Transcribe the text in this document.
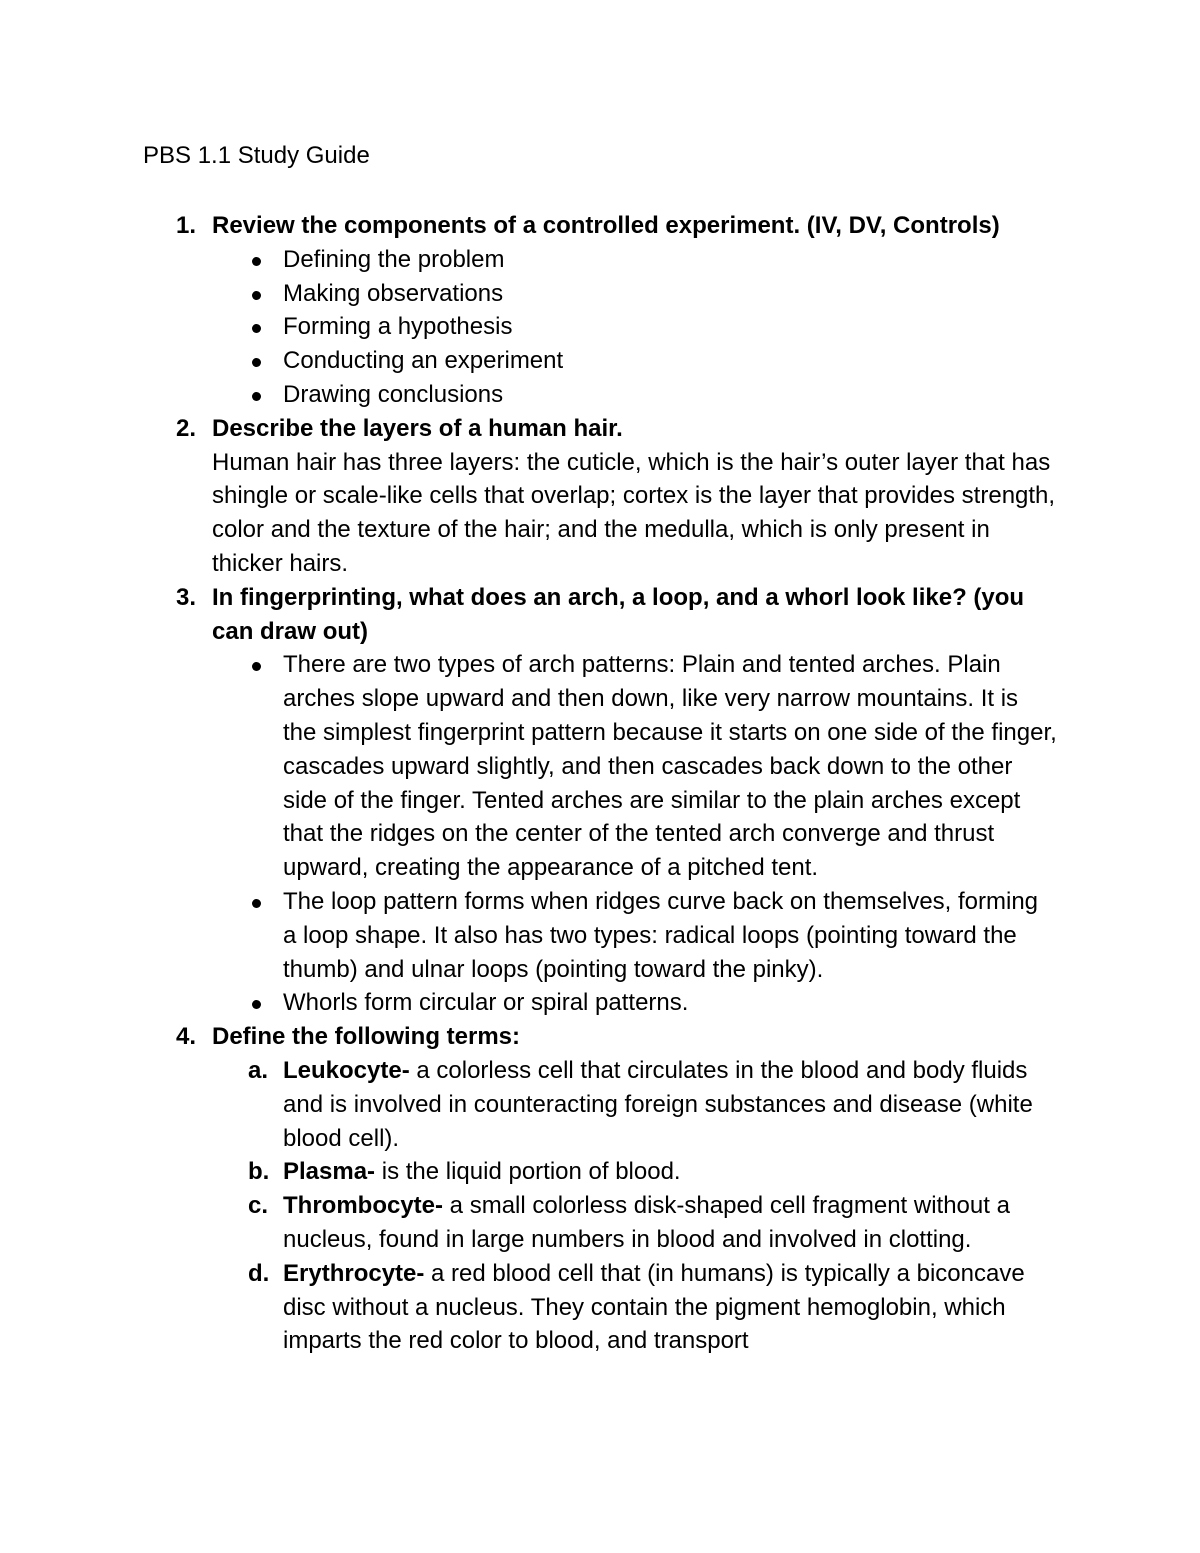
PBS 1.1 Study Guide
1. Review the components of a controlled experiment. (IV, DV, Controls)
Defining the problem
Making observations
Forming a hypothesis
Conducting an experiment
Drawing conclusions
2. Describe the layers of a human hair.

Human hair has three layers: the cuticle, which is the hair’s outer layer that has shingle or scale-like cells that overlap; cortex is the layer that provides strength, color and the texture of the hair; and the medulla, which is only present in thicker hairs.

3. In fingerprinting, what does an arch, a loop, and a whorl look like? (you can draw out)
There are two types of arch patterns: Plain and tented arches. Plain arches slope upward and then down, like very narrow mountains. It is the simplest fingerprint pattern because it starts on one side of the finger, cascades upward slightly, and then cascades back down to the other side of the finger. Tented arches are similar to the plain arches except that the ridges on the center of the tented arch converge and thrust upward, creating the appearance of a pitched tent.
The loop pattern forms when ridges curve back on themselves, forming a loop shape. It also has two types: radical loops (pointing toward the thumb) and ulnar loops (pointing toward the pinky).
Whorls form circular or spiral patterns.
4. Define the following terms:
a. Leukocyte- a colorless cell that circulates in the blood and body fluids and is involved in counteracting foreign substances and disease (white blood cell).
b. Plasma- is the liquid portion of blood.
c. Thrombocyte- a small colorless disk-shaped cell fragment without a nucleus, found in large numbers in blood and involved in clotting.
d. Erythrocyte- a red blood cell that (in humans) is typically a biconcave disc without a nucleus. They contain the pigment hemoglobin, which imparts the red color to blood, and transport
